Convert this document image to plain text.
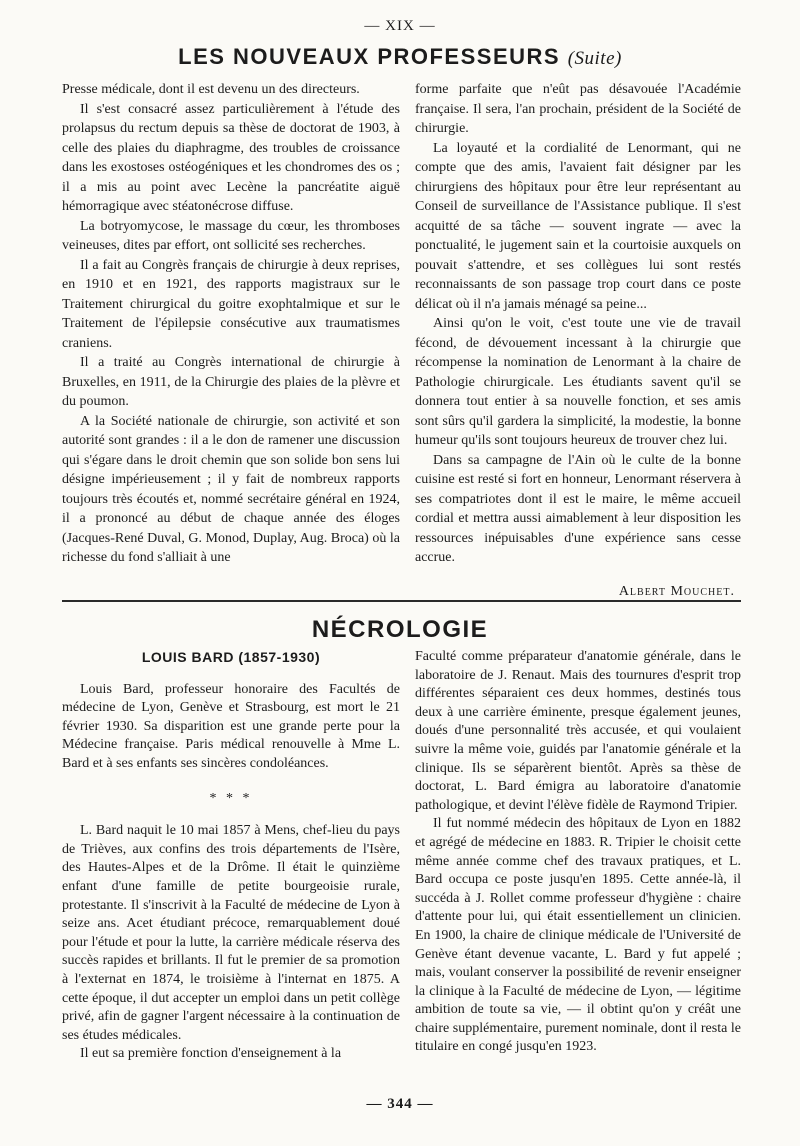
— XIX —
LES NOUVEAUX PROFESSEURS (Suite)

Presse médicale, dont il est devenu un des directeurs.

Il s'est consacré assez particulièrement à l'étude des prolapsus du rectum depuis sa thèse de doctorat de 1903, à celle des plaies du diaphragme, des troubles de croissance dans les exostoses ostéogéniques et les chondromes des os ; il a mis au point avec Lecène la pancréatite aiguë hémorragique avec stéatonécrose diffuse.

La botryomycose, le massage du cœur, les thromboses veineuses, dites par effort, ont sollicité ses recherches.

Il a fait au Congrès français de chirurgie à deux reprises, en 1910 et en 1921, des rapports magistraux sur le Traitement chirurgical du goitre exophtalmique et sur le Traitement de l'épilepsie consécutive aux traumatismes craniens.

Il a traité au Congrès international de chirurgie à Bruxelles, en 1911, de la Chirurgie des plaies de la plèvre et du poumon.

A la Société nationale de chirurgie, son activité et son autorité sont grandes : il a le don de ramener une discussion qui s'égare dans le droit chemin que son solide bon sens lui désigne impérieusement ; il y fait de nombreux rapports toujours très écoutés et, nommé secrétaire général en 1924, il a prononcé au début de chaque année des éloges (Jacques-René Duval, G. Monod, Duplay, Aug. Broca) où la richesse du fond s'alliait à une

forme parfaite que n'eût pas désavouée l'Académie française. Il sera, l'an prochain, président de la Société de chirurgie.

La loyauté et la cordialité de Lenormant, qui ne compte que des amis, l'avaient fait désigner par les chirurgiens des hôpitaux pour être leur représentant au Conseil de surveillance de l'Assistance publique. Il s'est acquitté de sa tâche — souvent ingrate — avec la ponctualité, le jugement sain et la courtoisie auxquels on pouvait s'attendre, et ses collègues lui sont restés reconnaissants de son passage trop court dans ce poste délicat où il n'a jamais ménagé sa peine...

Ainsi qu'on le voit, c'est toute une vie de travail fécond, de dévouement incessant à la chirurgie que récompense la nomination de Lenormant à la chaire de Pathologie chirurgicale. Les étudiants savent qu'il se donnera tout entier à sa nouvelle fonction, et ses amis sont sûrs qu'il gardera la simplicité, la modestie, la bonne humeur qu'ils sont toujours heureux de trouver chez lui.

Dans sa campagne de l'Ain où le culte de la bonne cuisine est resté si fort en honneur, Lenormant réservera à ses compatriotes dont il est le maire, le même accueil cordial et mettra aussi aimablement à leur disposition les ressources inépuisables d'une expérience sans cesse accrue.

Albert Mouchet.

NÉCROLOGIE

LOUIS BARD (1857-1930)

Louis Bard, professeur honoraire des Facultés de médecine de Lyon, Genève et Strasbourg, est mort le 21 février 1930. Sa disparition est une grande perte pour la Médecine française. Paris médical renouvelle à Mme L. Bard et à ses enfants ses sincères condoléances.

* * *

L. Bard naquit le 10 mai 1857 à Mens, chef-lieu du pays de Trièves, aux confins des trois départements de l'Isère, des Hautes-Alpes et de la Drôme. Il était le quinzième enfant d'une famille de petite bourgeoisie rurale, protestante. Il s'inscrivit à la Faculté de médecine de Lyon à seize ans. Acet étudiant précoce, remarquablement doué pour l'étude et pour la lutte, la carrière médicale réserva des succès rapides et brillants. Il fut le premier de sa promotion à l'externat en 1874, le troisième à l'internat en 1875. A cette époque, il dut accepter un emploi dans un petit collège privé, afin de gagner l'argent nécessaire à la continuation de ses études médicales.

Il eut sa première fonction d'enseignement à la

Faculté comme préparateur d'anatomie générale, dans le laboratoire de J. Renaut. Mais des tournures d'esprit trop différentes séparaient ces deux hommes, destinés tous deux à une carrière éminente, presque également jeunes, doués d'une personnalité très accusée, et qui voulaient suivre la même voie, guidés par l'anatomie générale et la clinique. Ils se séparèrent bientôt. Après sa thèse de doctorat, L. Bard émigra au laboratoire d'anatomie pathologique, et devint l'élève fidèle de Raymond Tripier.

Il fut nommé médecin des hôpitaux de Lyon en 1882 et agrégé de médecine en 1883. R. Tripier le choisit cette même année comme chef des travaux pratiques, et L. Bard occupa ce poste jusqu'en 1895. Cette année-là, il succéda à J. Rollet comme professeur d'hygiène : chaire d'attente pour lui, qui était essentiellement un clinicien. En 1900, la chaire de clinique médicale de l'Université de Genève étant devenue vacante, L. Bard y fut appelé ; mais, voulant conserver la possibilité de revenir enseigner la clinique à la Faculté de médecine de Lyon, — légitime ambition de toute sa vie, — il obtint qu'on y créât une chaire supplémentaire, purement nominale, dont il resta le titulaire en congé jusqu'en 1923.

— 344 —
